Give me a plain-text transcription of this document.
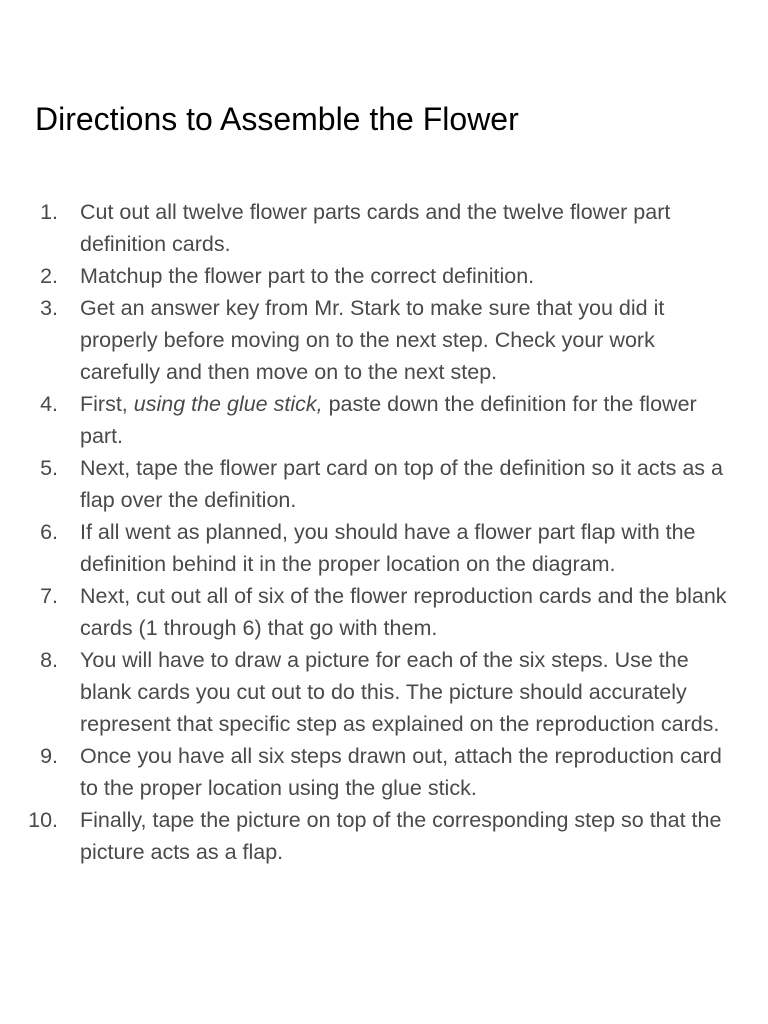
Directions to Assemble the Flower
1. Cut out all twelve flower parts cards and the twelve flower part definition cards.
2. Matchup the flower part to the correct definition.
3. Get an answer key from Mr. Stark to make sure that you did it properly before moving on to the next step. Check your work carefully and then move on to the next step.
4. First, using the glue stick, paste down the definition for the flower part.
5. Next, tape the flower part card on top of the definition so it acts as a flap over the definition.
6. If all went as planned, you should have a flower part flap with the definition behind it in the proper location on the diagram.
7. Next, cut out all of six of the flower reproduction cards and the blank cards (1 through 6) that go with them.
8. You will have to draw a picture for each of the six steps. Use the blank cards you cut out to do this. The picture should accurately represent that specific step as explained on the reproduction cards.
9. Once you have all six steps drawn out, attach the reproduction card to the proper location using the glue stick.
10. Finally, tape the picture on top of the corresponding step so that the picture acts as a flap.
